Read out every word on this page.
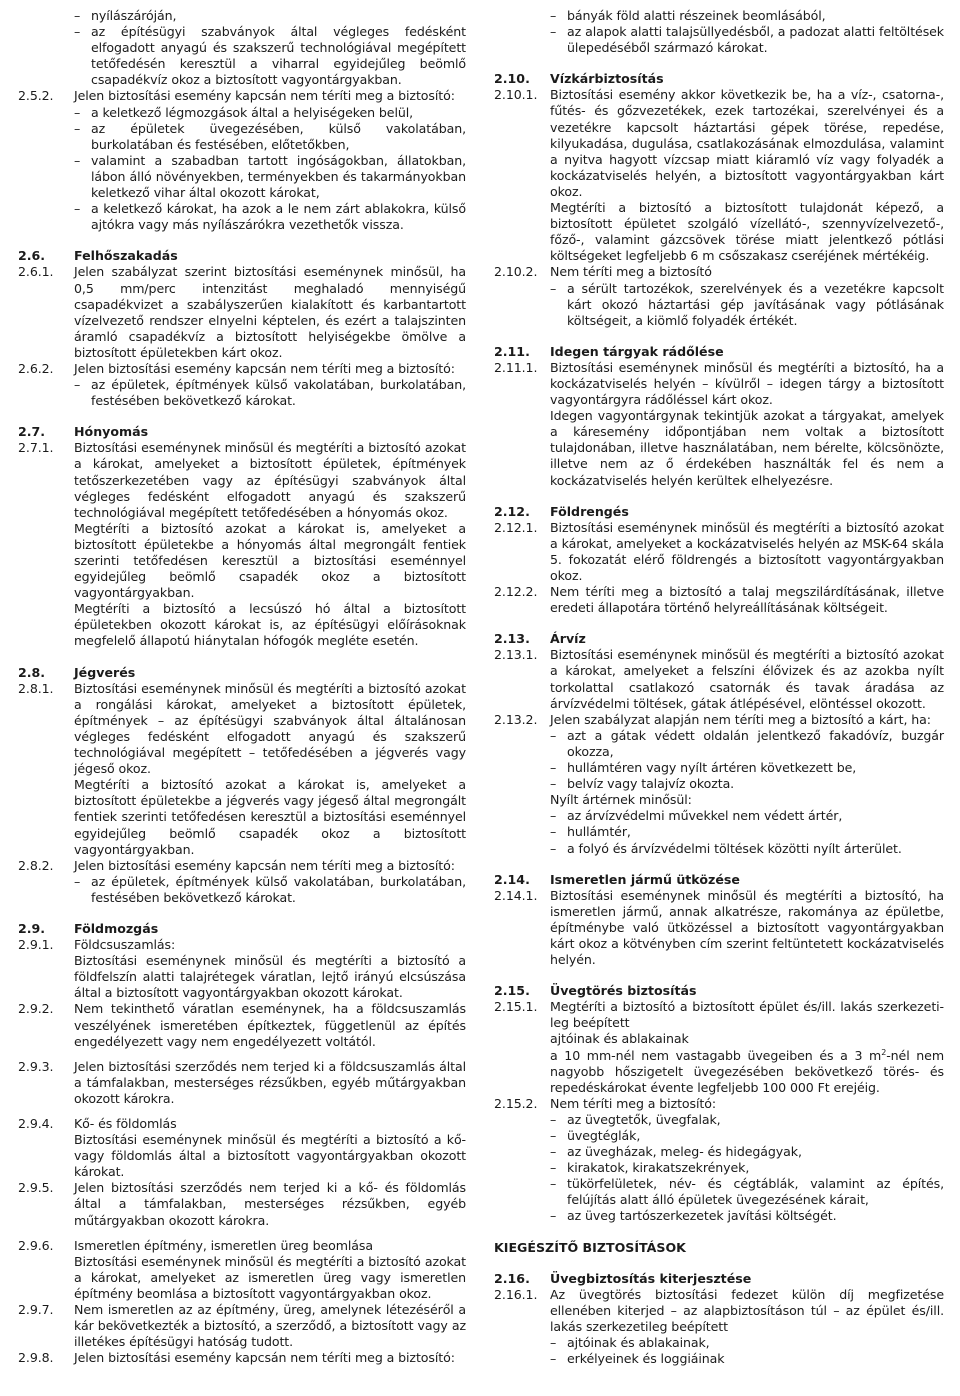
– nyílászáróján,
– az építésügyi szabványok által végleges fedésként elfogadott anyagú és szakszerű technológiával megépített tetőfedésén keresztül a viharral egyidejűleg beömlő csapadékvíz okoz a biztosított vagyontárgyakban.
2.5.2. Jelen biztosítási esemény kapcsán nem téríti meg a biztosító:
– a keletkező légmozgások által a helyiségeken belül,
– az épületek üvegezésében, külső vakolatában, burkolatában és festésében, előtetőkben,
– valamint a szabadban tartott ingóságokban, állatokban, lábon álló növényekben, terményekben és takarmányokban keletkező vihar által okozott károkat,
– a keletkező károkat, ha azok a le nem zárt ablakokra, külső ajtókra vagy más nyílászárókra vezethetők vissza.
2.6. Felhőszakadás
2.6.1. Jelen szabályzat szerint biztosítási eseménynek minősül, ha 0,5 mm/perc intenzitást meghaladó mennyiségű csapadékvizet a szabályszerűen kialakított és karbantartott vízelvezető rendszer elnyelni képtelen, és ezért a talajszinten áramló csapadékvíz a biztosított helyiségekbe ömölve a biztosított épületekben kárt okoz.
2.6.2. Jelen biztosítási esemény kapcsán nem téríti meg a biztosító:
– az épületek, építmények külső vakolatában, burkolatában, festésében bekövetkező károkat.
2.7. Hónyomás
2.7.1. Biztosítási eseménynek minősül és megtéríti a biztosító azokat a károkat, amelyeket a biztosított épületek, építmények tetőszerkezetében vagy az építésügyi szabványok által végleges fedésként elfogadott anyagú és szakszerű technológiával megépített tetőfedésében a hónyomás okoz.
Megtéríti a biztosító azokat a károkat is, amelyeket a biztosított épületekbe a hónyomás által megrongált fentiek szerinti tetőfedésen keresztül a biztosítási eseménnyel egyidejűleg beömlő csapadék okoz a biztosított vagyontárgyakban.
Megtéríti a biztosító a lecsúszó hó által a biztosított épületekben okozott károkat is, az építésügyi előírásoknak megfelelő állapotú hiánytalan hófogók megléte esetén.
2.8. Jégverés
2.8.1. Biztosítási eseménynek minősül és megtéríti a biztosító azokat a rongálási károkat, amelyeket a biztosított épületek, építmények – az építésügyi szabványok által általánosan végleges fedésként elfogadott anyagú és szakszerű technológiával megépített – tetőfedésében a jégverés vagy jégeső okoz.
Megtéríti a biztosító azokat a károkat is, amelyeket a biztosított épületekbe a jégverés vagy jégeső által megrongált fentiek szerinti tetőfedésen keresztül a biztosítási eseménnyel egyidejűleg beömlő csapadék okoz a biztosított vagyontárgyakban.
2.8.2. Jelen biztosítási esemény kapcsán nem téríti meg a biztosító:
– az épületek, építmények külső vakolatában, burkolatában, festésében bekövetkező károkat.
2.9. Földmozgás
2.9.1. Földcsuszamlás:
Biztosítási eseménynek minősül és megtéríti a biztosító a földfelszín alatti talajrétegek váratlan, lejtő irányú elcsúszása által a biztosított vagyontárgyakban okozott károkat.
2.9.2. Nem tekinthető váratlan eseménynek, ha a földcsuszamlás veszélyének ismeretében építkeztek, függetlenül az építés engedélyezett vagy nem engedélyezett voltától.
2.9.3. Jelen biztosítási szerződés nem terjed ki a földcsuszamlás által a támfalakban, mesterséges rézsűkben, egyéb műtárgyakban okozott károkra.
2.9.4. Kő- és földomlás
Biztosítási eseménynek minősül és megtéríti a biztosító a kő- vagy földomlás által a biztosított vagyontárgyakban okozott károkat.
2.9.5. Jelen biztosítási szerződés nem terjed ki a kő- és földomlás által a támfalakban, mesterséges rézsűkben, egyéb műtárgyakban okozott károkra.
2.9.6. Ismeretlen építmény, ismeretlen üreg beomlása
Biztosítási eseménynek minősül és megtéríti a biztosító azokat a károkat, amelyeket az ismeretlen üreg vagy ismeretlen építmény beomlása a biztosított vagyontárgyakban okoz.
2.9.7. Nem ismeretlen az az építmény, üreg, amelynek létezéséről a kár bekövetkezték a biztosító, a szerződő, a biztosított vagy az illetékes építésügyi hatóság tudott.
2.9.8. Jelen biztosítási esemény kapcsán nem téríti meg a biztosító:
– bányák föld alatti részeinek beomlásából,
– az alapok alatti talajsüllyedésből, a padozat alatti feltöltések ülepedéséből származó károkat.
2.10. Vízkárbiztosítás
2.10.1. Biztosítási esemény akkor következik be, ha a víz-, csatorna-, fűtés- és gőzvezetékek, ezek tartozékai, szerelvényei és a vezetékre kapcsolt háztartási gépek törése, repedése, kilyukadása, dugulása, csatlakozásának elmozdulása, valamint a nyitva hagyott vízcsap miatt kiáramló víz vagy folyadék a kockázatviselés helyén, a biztosított vagyontárgyakban kárt okoz.
Megtéríti a biztosító a biztosított tulajdonát képező, a biztosított épületet szolgáló vízellátó-, szennyvízelvezető-, főző-, valamint gázcsövek törése miatt jelentkező pótlási költségeket legfeljebb 6 m csőszakasz cseréjének mértékéig.
2.10.2. Nem téríti meg a biztosító
– a sérült tartozékok, szerelvények és a vezetékre kapcsolt kárt okozó háztartási gép javításának vagy pótlásának költségeit, a kiömlő folyadék értékét.
2.11. Idegen tárgyak rádőlése
2.11.1. Biztosítási eseménynek minősül és megtéríti a biztosító, ha a kockázatviselés helyén – kívülről – idegen tárgy a biztosított vagyontárgyra rádőléssel kárt okoz.
Idegen vagyontárgynak tekintjük azokat a tárgyakat, amelyek a káresemény időpontjában nem voltak a biztosított tulajdonában, illetve használatában, nem bérelte, kölcsönözte, illetve nem az ő érdekében használták fel és nem a kockázatviselés helyén kerültek elhelyezésre.
2.12. Földrengés
2.12.1. Biztosítási eseménynek minősül és megtéríti a biztosító azokat a károkat, amelyeket a kockázatviselés helyén az MSK-64 skála 5. fokozatát elérő földrengés a biztosított vagyontárgyakban okoz.
2.12.2. Nem téríti meg a biztosító a talaj megszilárdításának, illetve eredeti állapotára történő helyreállításának költségeit.
2.13. Árvíz
2.13.1. Biztosítási eseménynek minősül és megtéríti a biztosító azokat a károkat, amelyeket a felszíni élővizek és az azokba nyílt torkolattal csatlakozó csatornák és tavak áradása az árvízvédelmi töltések, gátak átlépésével, elöntéssel okozott.
2.13.2. Jelen szabályzat alapján nem téríti meg a biztosító a kárt, ha:
– azt a gátak védett oldalán jelentkező fakadóvíz, buzgár okozza,
– hullámtéren vagy nyílt ártéren következett be,
– belvíz vagy talajvíz okozta.
Nyílt ártérnek minősül:
– az árvízvédelmi művekkel nem védett ártér,
– hullámtér,
– a folyó és árvízvédelmi töltések közötti nyílt árterület.
2.14. Ismeretlen jármű ütközése
2.14.1. Biztosítási eseménynek minősül és megtéríti a biztosító, ha ismeretlen jármű, annak alkatrésze, rakománya az épületbe, építménybe való ütközéssel a biztosított vagyontárgyakban kárt okoz a kötvényben cím szerint feltüntetett kockázatviselés helyén.
2.15. Üvegtörés biztosítás
2.15.1. Megtéríti a biztosító a biztosított épület és/ill. lakás szerkezeti-leg beépített
ajtóinak és ablakainak
a 10 mm-nél nem vastagabb üvegeiben és a 3 $m^2$-nél nem nagyobb hőszigetelt üvegezésében bekövetkező törés- és repedéskárokat évente legfeljebb 100 000 Ft erejéig.
2.15.2. Nem téríti meg a biztosító:
– az üvegtetők, üvegfalak,
– üvegtéglák,
– az üvegházak, meleg- és hidegágyak,
– kirakatok, kirakatszekrények,
– tükörfelületek, név- és cégtáblák, valamint az építés, felújítás alatt álló épületek üvegezésének kárait,
– az üveg tartószerkezetek javítási költségét.
KIEGÉSZÍTŐ BIZTOSÍTÁSOK
2.16. Üvegbiztosítás kiterjesztése
2.16.1. Az üvegtörés biztosítási fedezet külön díj megfizetése ellenében kiterjed – az alapbiztosításon túl – az épület és/ill. lakás szerkezetileg beépített
– ajtóinak és ablakainak,
– erkélyeinek és loggiáinak
